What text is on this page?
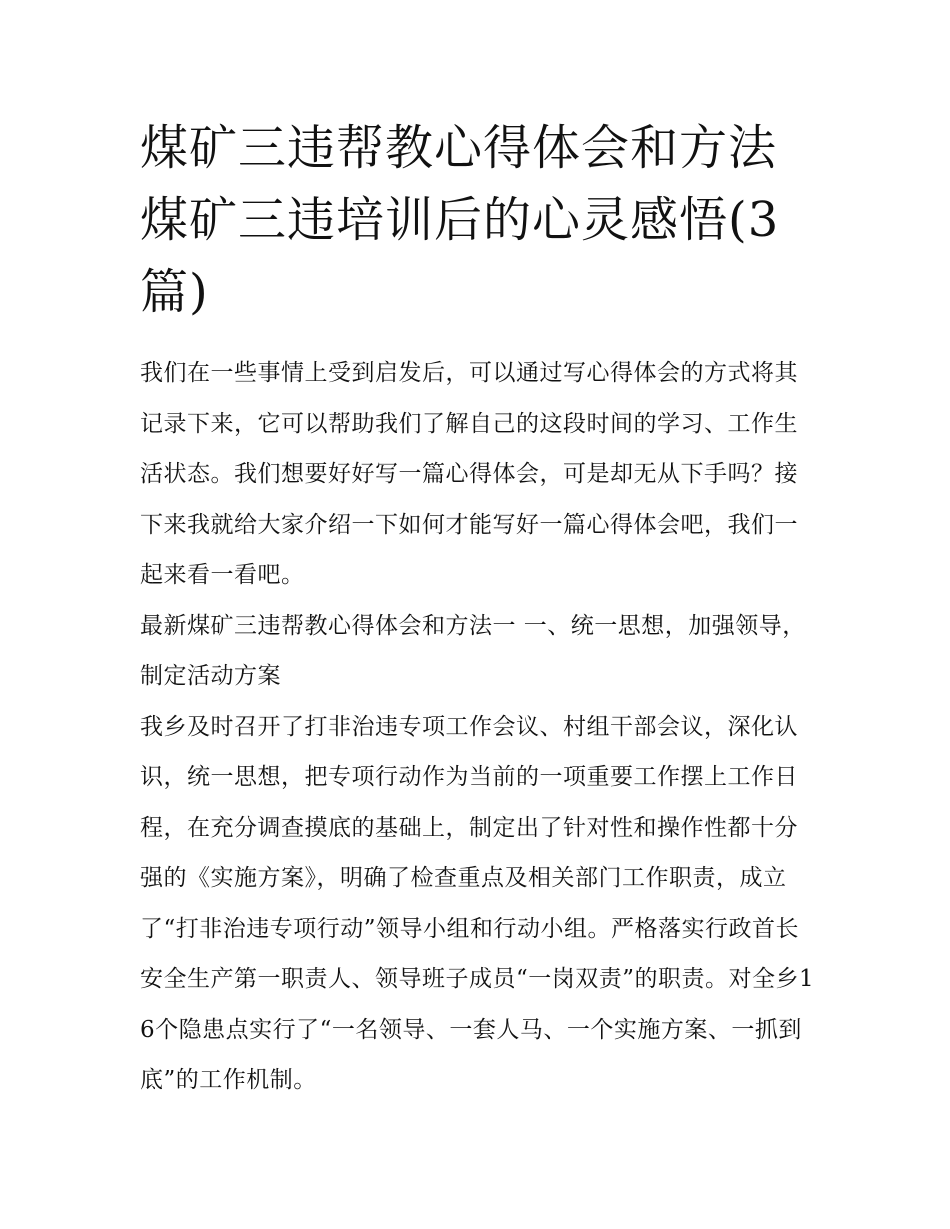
煤矿三违帮教心得体会和方法 煤矿三违培训后的心灵感悟(3篇)

我们在一些事情上受到启发后，可以通过写心得体会的方式将其记录下来，它可以帮助我们了解自己的这段时间的学习、工作生活状态。我们想要好好写一篇心得体会，可是却无从下手吗？接下来我就给大家介绍一下如何才能写好一篇心得体会吧，我们一起来看一看吧。

最新煤矿三违帮教心得体会和方法一 一、统一思想，加强领导，制定活动方案

我乡及时召开了打非治违专项工作会议、村组干部会议，深化认识，统一思想，把专项行动作为当前的一项重要工作摆上工作日程，在充分调查摸底的基础上，制定出了针对性和操作性都十分强的《实施方案》，明确了检查重点及相关部门工作职责，成立了“打非治违专项行动”领导小组和行动小组。严格落实行政首长安全生产第一职责人、领导班子成员“一岗双责”的职责。对全乡16个隐患点实行了“一名领导、一套人马、一个实施方案、一抓到底”的工作机制。
